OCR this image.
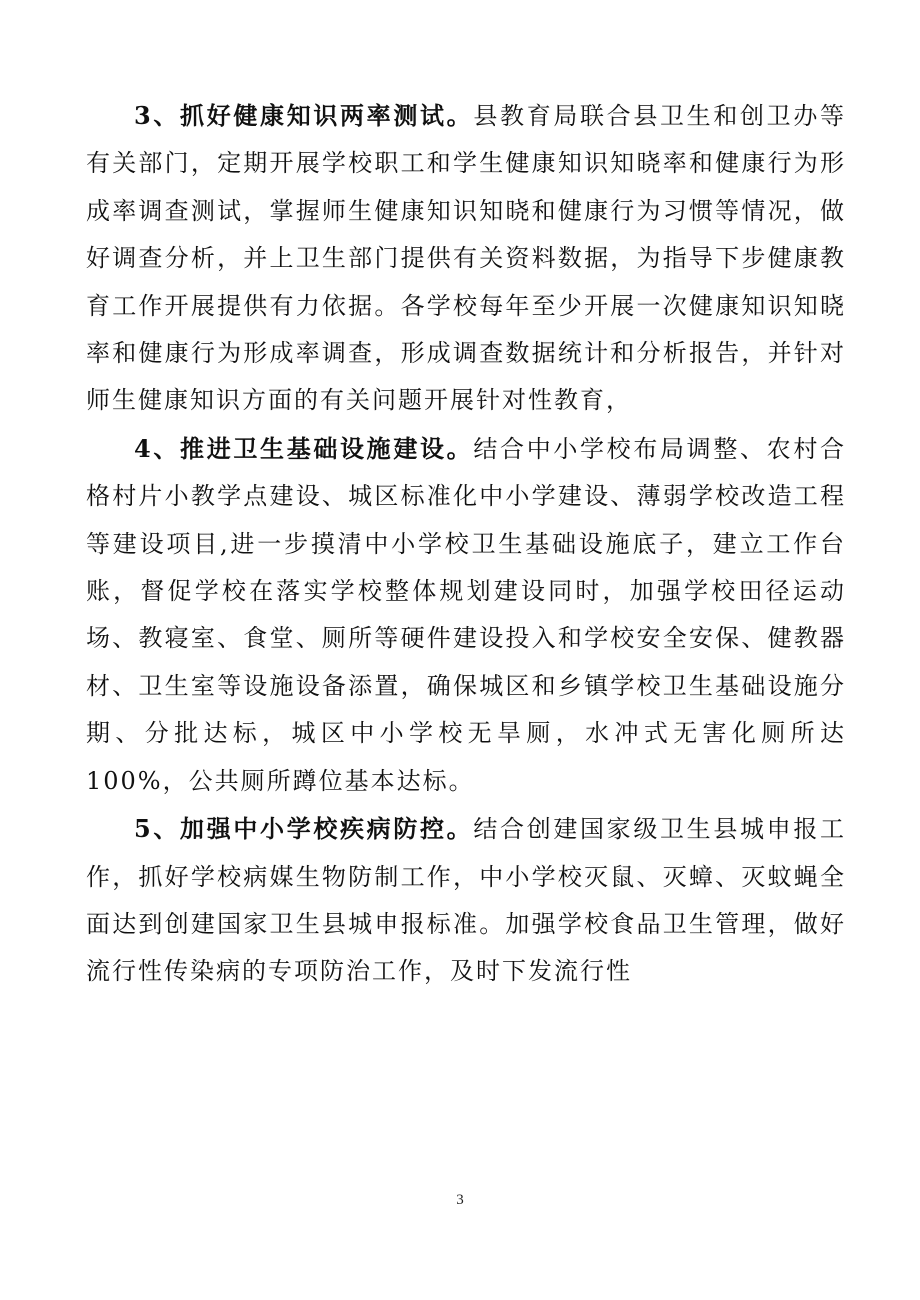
3、抓好健康知识两率测试。县教育局联合县卫生和创卫办等有关部门，定期开展学校职工和学生健康知识知晓率和健康行为形成率调查测试，掌握师生健康知识知晓和健康行为习惯等情况，做好调查分析，并上卫生部门提供有关资料数据，为指导下步健康教育工作开展提供有力依据。各学校每年至少开展一次健康知识知晓率和健康行为形成率调查，形成调查数据统计和分析报告，并针对师生健康知识方面的有关问题开展针对性教育，

4、推进卫生基础设施建设。结合中小学校布局调整、农村合格村片小教学点建设、城区标准化中小学建设、薄弱学校改造工程等建设项目,进一步摸清中小学校卫生基础设施底子，建立工作台账，督促学校在落实学校整体规划建设同时，加强学校田径运动场、教寝室、食堂、厕所等硬件建设投入和学校安全安保、健教器材、卫生室等设施设备添置，确保城区和乡镇学校卫生基础设施分期、分批达标，城区中小学校无旱厕，水冲式无害化厕所达 100%，公共厕所蹲位基本达标。

5、加强中小学校疾病防控。结合创建国家级卫生县城申报工作，抓好学校病媒生物防制工作，中小学校灭鼠、灭蟑、灭蚊蝇全面达到创建国家卫生县城申报标准。加强学校食品卫生管理，做好流行性传染病的专项防治工作，及时下发流行性

3
